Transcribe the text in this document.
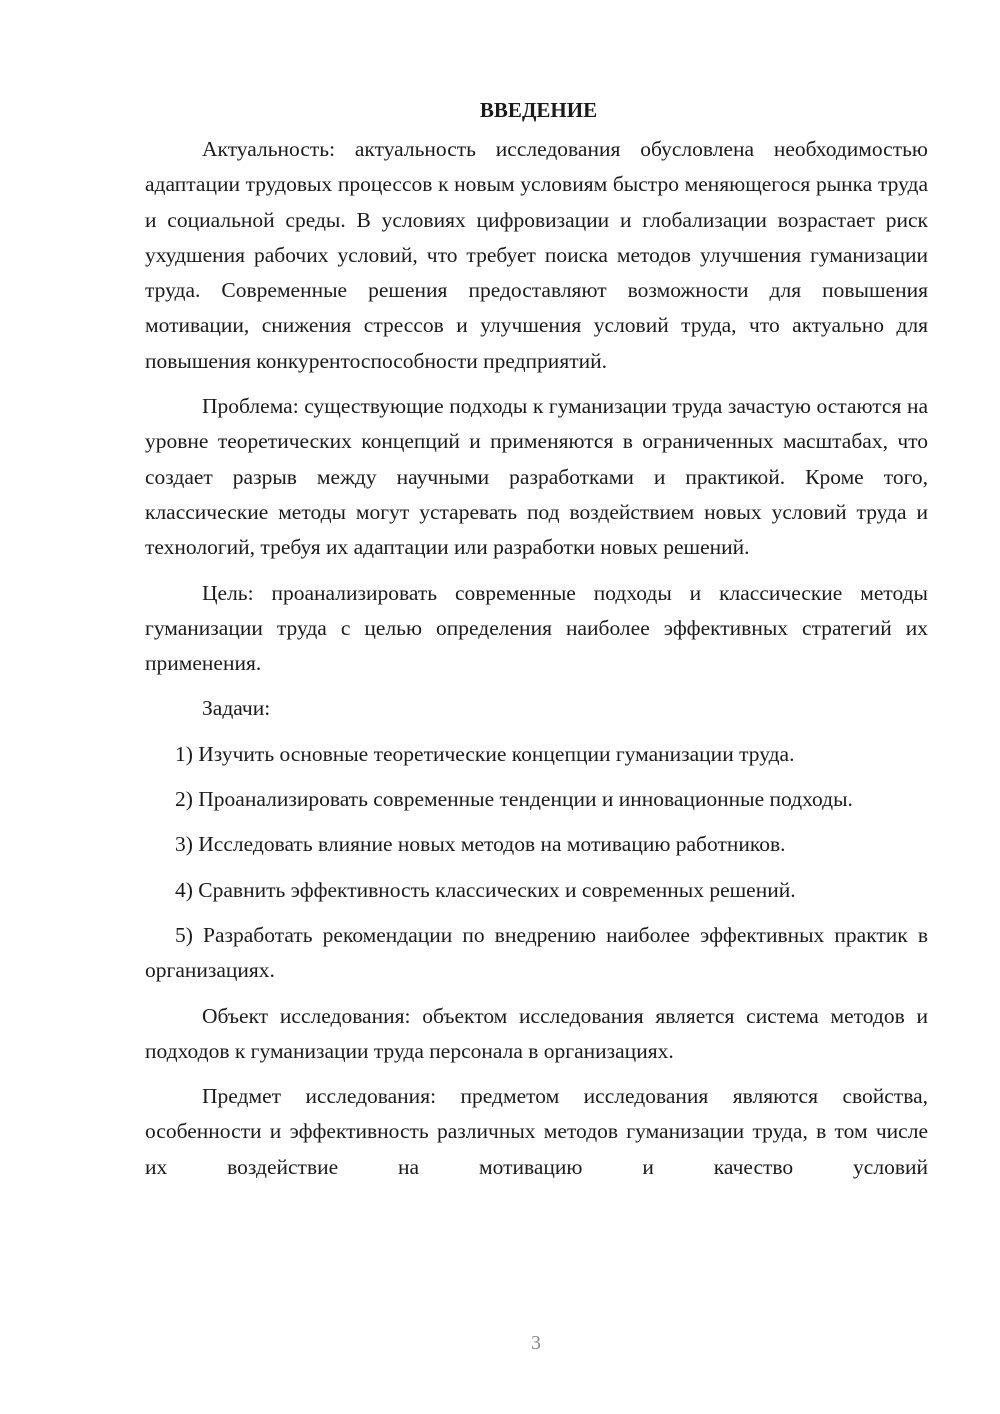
ВВЕДЕНИЕ

Актуальность: актуальность исследования обусловлена необходимостью адаптации трудовых процессов к новым условиям быстро меняющегося рынка труда и социальной среды. В условиях цифровизации и глобализации возрастает риск ухудшения рабочих условий, что требует поиска методов улучшения гуманизации труда. Современные решения предоставляют возможности для повышения мотивации, снижения стрессов и улучшения условий труда, что актуально для повышения конкурентоспособности предприятий.

Проблема: существующие подходы к гуманизации труда зачастую остаются на уровне теоретических концепций и применяются в ограниченных масштабах, что создает разрыв между научными разработками и практикой. Кроме того, классические методы могут устаревать под воздействием новых условий труда и технологий, требуя их адаптации или разработки новых решений.

Цель: проанализировать современные подходы и классические методы гуманизации труда с целью определения наиболее эффективных стратегий их применения.

Задачи:

1) Изучить основные теоретические концепции гуманизации труда.

2) Проанализировать современные тенденции и инновационные подходы.

3) Исследовать влияние новых методов на мотивацию работников.

4) Сравнить эффективность классических и современных решений.

5) Разработать рекомендации по внедрению наиболее эффективных практик в организациях.

Объект исследования: объектом исследования является система методов и подходов к гуманизации труда персонала в организациях.

Предмет исследования: предметом исследования являются свойства, особенности и эффективность различных методов гуманизации труда, в том числе их воздействие на мотивацию и качество условий

3
